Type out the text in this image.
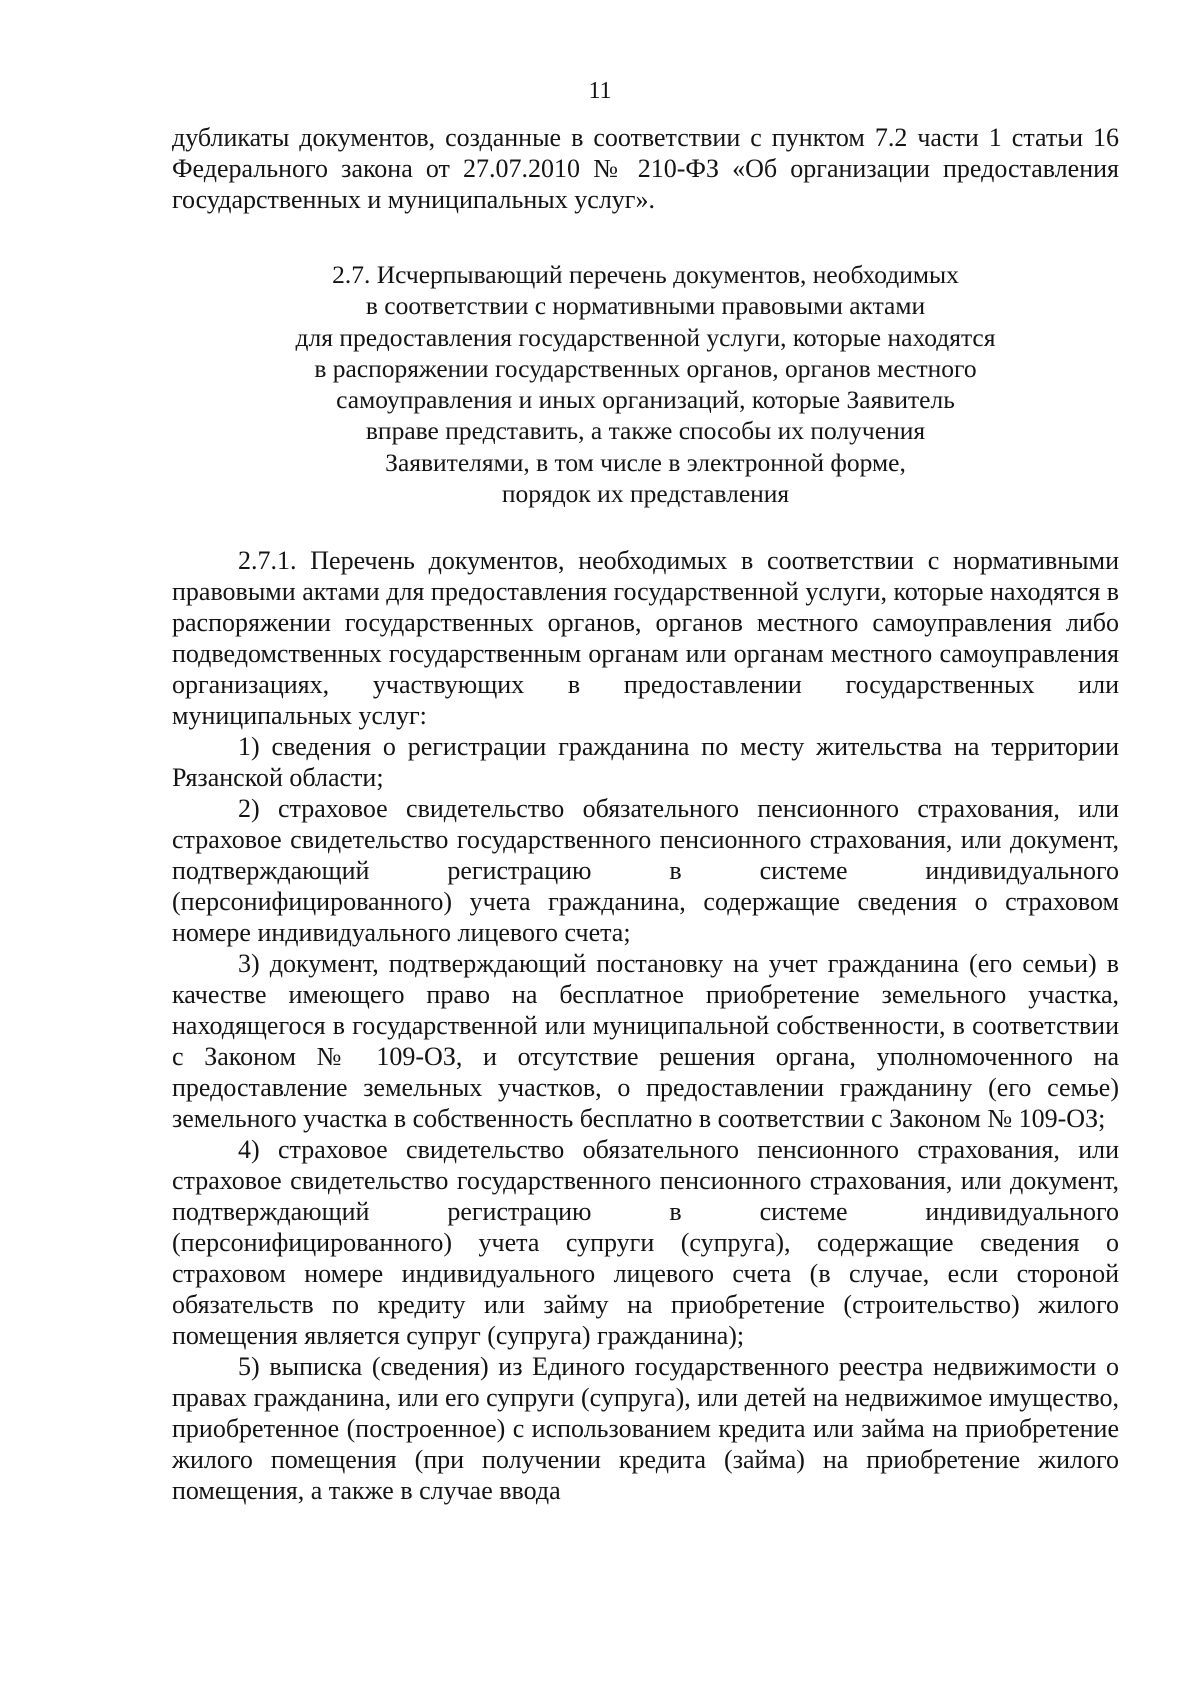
11

дубликаты документов, созданные в соответствии с пунктом 7.2 части 1 статьи 16 Федерального закона от 27.07.2010 № 210-ФЗ «Об организации предоставления государственных и муниципальных услуг».

2.7. Исчерпывающий перечень документов, необходимых
в соответствии с нормативными правовыми актами
для предоставления государственной услуги, которые находятся
в распоряжении государственных органов, органов местного
самоуправления и иных организаций, которые Заявитель
вправе представить, а также способы их получения
Заявителями, в том числе в электронной форме,
порядок их представления

2.7.1. Перечень документов, необходимых в соответствии с нормативными правовыми актами для предоставления государственной услуги, которые находятся в распоряжении государственных органов, органов местного самоуправления либо подведомственных государственным органам или органам местного самоуправления организациях, участвующих в предоставлении государственных или муниципальных услуг:

1) сведения о регистрации гражданина по месту жительства на территории Рязанской области;

2) страховое свидетельство обязательного пенсионного страхования, или страховое свидетельство государственного пенсионного страхования, или документ, подтверждающий регистрацию в системе индивидуального (персонифицированного) учета гражданина, содержащие сведения о страховом номере индивидуального лицевого счета;

3) документ, подтверждающий постановку на учет гражданина (его семьи) в качестве имеющего право на бесплатное приобретение земельного участка, находящегося в государственной или муниципальной собственности, в соответствии с Законом № 109-ОЗ, и отсутствие решения органа, уполномоченного на предоставление земельных участков, о предоставлении гражданину (его семье) земельного участка в собственность бесплатно в соответствии с Законом № 109-ОЗ;

4) страховое свидетельство обязательного пенсионного страхования, или страховое свидетельство государственного пенсионного страхования, или документ, подтверждающий регистрацию в системе индивидуального (персонифицированного) учета супруги (супруга), содержащие сведения о страховом номере индивидуального лицевого счета (в случае, если стороной обязательств по кредиту или займу на приобретение (строительство) жилого помещения является супруг (супруга) гражданина);

5) выписка (сведения) из Единого государственного реестра недвижимости о правах гражданина, или его супруги (супруга), или детей на недвижимое имущество, приобретенное (построенное) с использованием кредита или займа на приобретение жилого помещения (при получении кредита (займа) на приобретение жилого помещения, а также в случае ввода
